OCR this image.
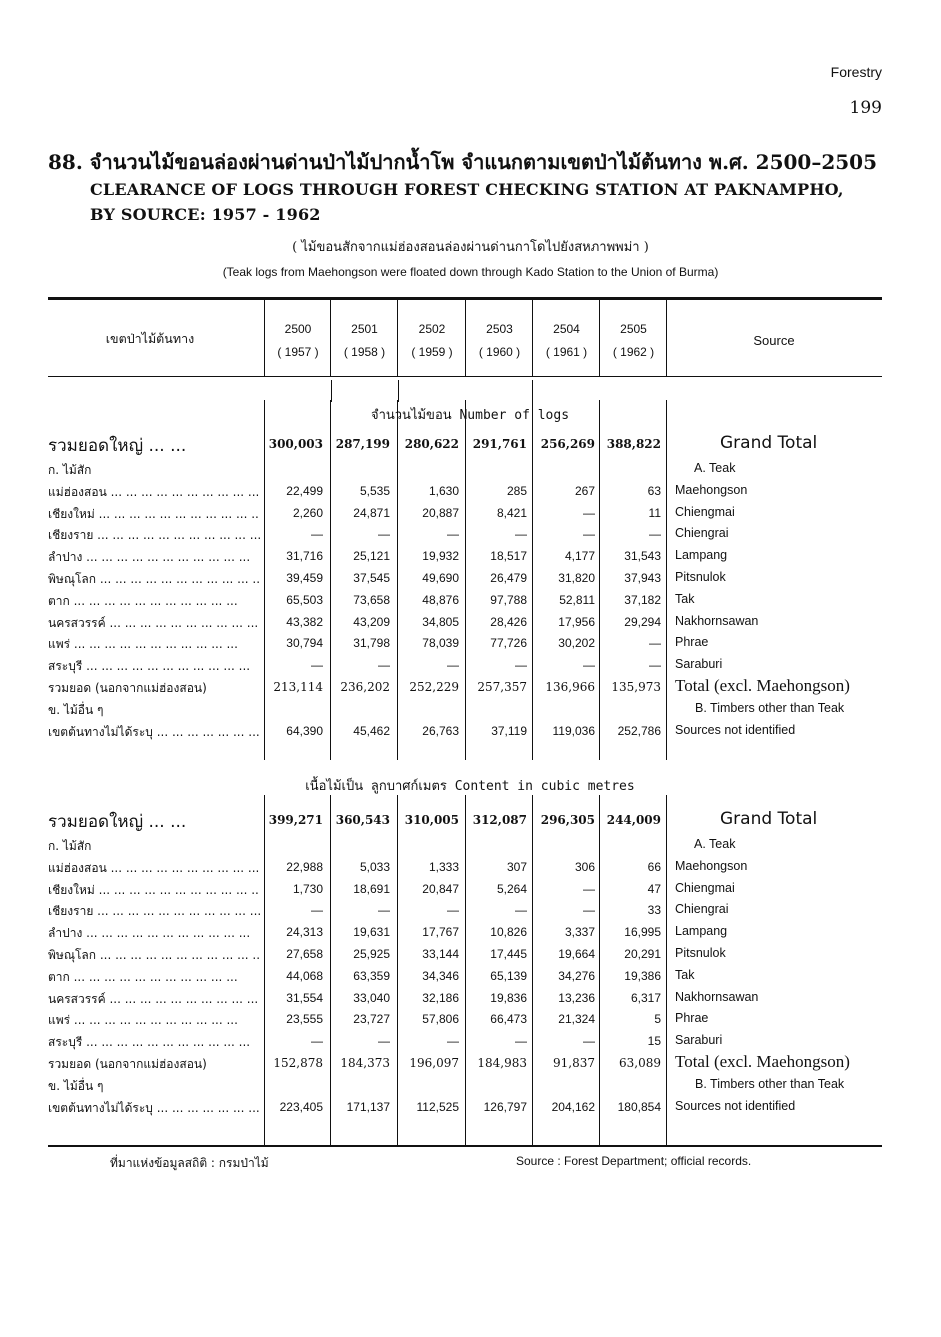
Forestry
199
88. จำนวนไม้ขอนล่องผ่านด่านป่าไม้ปากน้ำโพ จำแนกตามเขตป่าไม้ต้นทาง พ.ศ. 2500–2505
CLEARANCE OF LOGS THROUGH FOREST CHECKING STATION AT PAKNAMPHO,
BY SOURCE: 1957 - 1962
( ไม้ขอนสักจากแม่ฮ่องสอนล่องผ่านด่านกาโดไปยังสหภาพพม่า )
(Teak logs from Maehongson were floated down through Kado Station to the Union of Burma)
เขตป่าไม้ต้นทาง	Source
2500
( 1957 )
2501
( 1958 )
2502
( 1959 )
2503
( 1960 )
2504
( 1961 )
2505
( 1962 )
จำนวนไม้ขอน Number of logs
รวมยอดใหญ่ ... ...	300,003	287,199	280,622	291,761	256,269 388,822	Grand Total
ก. ไม้สัก	A. Teak
แม่ฮ่องสอน ... .	22,499	5,535	1,630	285	267	63 Maehongson
เชียงใหม่ ... .	2,260	24,871	20,887	8,421	—	11 Chiengmai
เชียงราย ... .	—	—	—	—	—	— Chiengrai
ลำปาง ... .	31,716	25,121	19,932	18,517	4,177	31,543 Lampang
พิษณุโลก ... .	39,459	37,545	49,690	26,479	31,820	37,943 Pitsnulok
ตาก ... .	65,503	73,658	48,876	97,788	52,811	37,182 Tak
นครสวรรค์ ... .	43,382	43,209	34,805	28,426	17,956	29,294 Nakhornsawan
แพร่ ... .	30,794	31,798	78,039	77,726	30,202	— Phrae
สระบุรี ... .	—	—	—	—	—	— Saraburi
รวมยอด (นอกจากแม่ฮ่องสอน)	213,114	236,202	252,229	257,357	136,966	135,973 Total (excl. Maehongson)
ข. ไม้อื่น ๆ	B. Timbers other than Teak
เขตต้นทางไม่ได้ระบุ ... .	64,390	45,462	26,763	37,119	119,036	252,786 Sources not identified
เนื้อไม้เป็น ลูกบาศก์เมตร Content in cubic metres
รวมยอดใหญ่ ... ...	399,271	360,543	310,005	312,087	296,305 244,009	Grand Total
ก. ไม้สัก	A. Teak
แม่ฮ่องสอน ... .	22,988	5,033	1,333	307	306	66 Maehongson
เชียงใหม่ ... .	1,730	18,691	20,847	5,264	—	47 Chiengmai
เชียงราย ... .	—	—	—	—	—	33 Chiengrai
ลำปาง ... .	24,313	19,631	17,767	10,826	3,337	16,995 Lampang
พิษณุโลก ... .	27,658	25,925	33,144	17,445	19,664	20,291 Pitsnulok
ตาก ... .	44,068	63,359	34,346	65,139	34,276	19,386 Tak
นครสวรรค์ ... .	31,554	33,040	32,186	19,836	13,236	6,317 Nakhornsawan
แพร่ ... .	23,555	23,727	57,806	66,473	21,324	5 Phrae
สระบุรี ... .	—	—	—	—	—	15 Saraburi
รวมยอด (นอกจากแม่ฮ่องสอน)	152,878	184,373	196,097	184,983	91,837	63,089 Total (excl. Maehongson)
ข. ไม้อื่น ๆ	B. Timbers other than Teak
เขตต้นทางไม่ได้ระบุ ... .	223,405	171,137	112,525	126,797	204,162	180,854 Sources not identified
ที่มาแห่งข้อมูลสถิติ : กรมป่าไม้	Source : Forest Department; official records.
